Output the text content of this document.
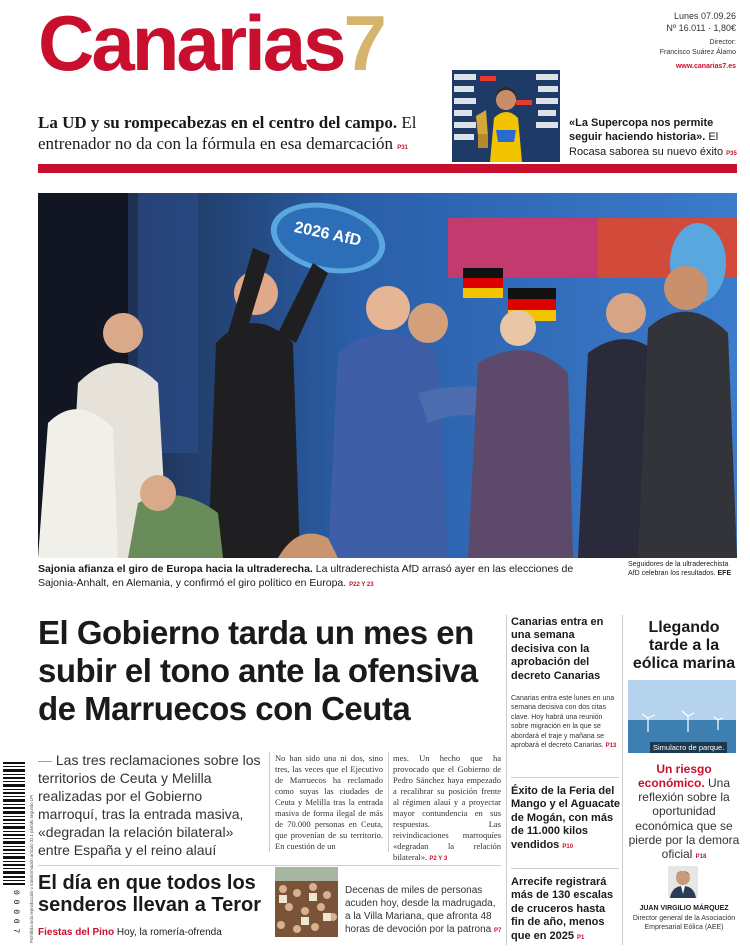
Canarias7	Lunes 07.09.26
Nº 16.011 · 1,80€
Director:
Francisco Suárez Álamo
www.canarias7.es
La UD y su rompecabezas en el centro del campo. El entrenador no da con la fórmula en esa demarcación P31
«La Supercopa nos permite seguir haciendo historia». El Rocasa saborea su nuevo éxito P35
2026 AfD
Sajonia afianza el giro de Europa hacia la ultraderecha. La ultraderechista AfD arrasó ayer en las elecciones de Sajonia-Anhalt, en Alemania, y confirmó el giro político en Europa. P22 Y 23
Seguidores de la ultraderechista AfD celebran los resultados. EFE
El Gobierno tarda un mes en subir el tono ante la ofensiva de Marruecos con Ceuta
— Las tres reclamaciones sobre los territorios de Ceuta y Melilla realizadas por el Gobierno marroquí, tras la entrada masiva, «degradan la relación bilateral» entre España y el reino alauí
No han sido una ni dos, sino tres, las veces que el Ejecutivo de Marruecos ha reclamado como suyas las ciudades de Ceuta y Melilla tras la entrada masiva de forma ilegal de más de 70.000 personas en Ceuta, que provenían de su territorio. En cuestión de un
mes. Un hecho que ha provocado que el Gobierno de Pedro Sánchez haya empezado a recalibrar su posición frente al régimen alauí y a proyectar mayor contundencia en sus respuestas. Las reivindicaciones marroquíes «degradan la relación bilateral». P2 Y 3
El día en que todos los senderos llevan a Teror
Fiestas del Pino Hoy, la romería-ofrenda
Decenas de miles de personas acuden hoy, desde la madrugada, a la Villa Mariana, que afronta 48 horas de devoción por la patrona P7
0 0 0 0 7 Prohibida toda reproducción o transformación artículo 32.1 párrafo segundo LPI
Canarias entra en una semana decisiva con la aprobación del decreto Canarias
Canarias entra este lunes en una semana decisiva con dos citas clave. Hoy habrá una reunión sobre migración en la que se abordará el traje y mañana se aprobará el decreto Canarias. P13
Éxito de la Feria del Mango y el Aguacate de Mogán, con más de 11.000 kilos vendidos P10
Arrecife registrará más de 130 escalas de cruceros hasta fin de año, menos que en 2025 P1
Llegando tarde a la eólica marina
Simulacro de parque.
Un riesgo económico. Una reflexión sobre la oportunidad económica que se pierde por la demora oficial P18
JUAN VIRGILIO MÁRQUEZ
Director general de la Asociación Empresarial Eólica (AEE)
